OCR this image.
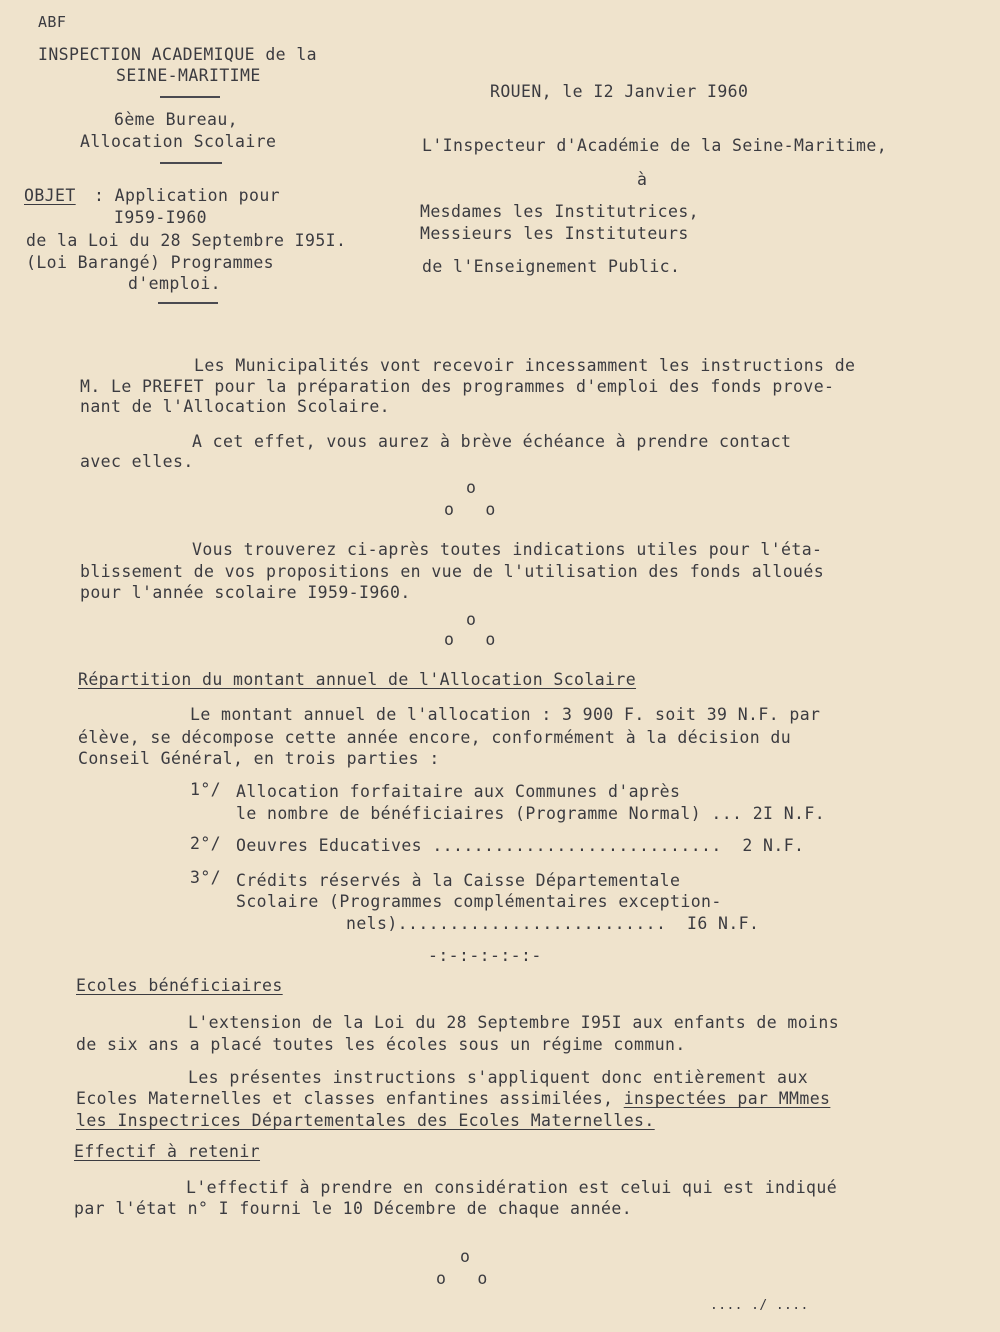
ABF
INSPECTION ACADEMIQUE de la
SEINE-MARITIME
6ème Bureau,
Allocation Scolaire
ROUEN, le I2 Janvier I960
L'Inspecteur d'Académie de la Seine-Maritime,
à
Mesdames les Institutrices,
Messieurs les Instituteurs
de l'Enseignement Public.
OBJET : Application pour
I959-I960
de la Loi du 28 Septembre I95I.
(Loi Barangé) Programmes
d'emploi.
Les Municipalités vont recevoir incessamment les instructions de
M. Le PREFET pour la préparation des programmes d'emploi des fonds prove-
nant de l'Allocation Scolaire.
A cet effet, vous aurez à brève échéance à prendre contact
avec elles.
o
o   o
Vous trouverez ci-après toutes indications utiles pour l'éta-
blissement de vos propositions en vue de l'utilisation des fonds alloués
pour l'année scolaire I959-I960.
o
o   o
Répartition du montant annuel de l'Allocation Scolaire
Le montant annuel de l'allocation : 3 900 F. soit 39 N.F. par
élève, se décompose cette année encore, conformément à la décision du
Conseil Général, en trois parties :
1°/ Allocation forfaitaire aux Communes d'après
le nombre de bénéficiaires (Programme Normal) ... 2I N.F.
2°/ Oeuvres Educatives ............................  2 N.F.
3°/ Crédits réservés à la Caisse Départementale
Scolaire (Programmes complémentaires exception-
nels)..........................  I6 N.F.
-:-:-:-:-:-
Ecoles bénéficiaires
L'extension de la Loi du 28 Septembre I95I aux enfants de moins
de six ans a placé toutes les écoles sous un régime commun.
Les présentes instructions s'appliquent donc entièrement aux
Ecoles Maternelles et classes enfantines assimilées, inspectées par MMmes
les Inspectrices Départementales des Ecoles Maternelles.
Effectif à retenir
L'effectif à prendre en considération est celui qui est indiqué
par l'état n° I fourni le 10 Décembre de chaque année.
o
o   o
.... ./ ....
